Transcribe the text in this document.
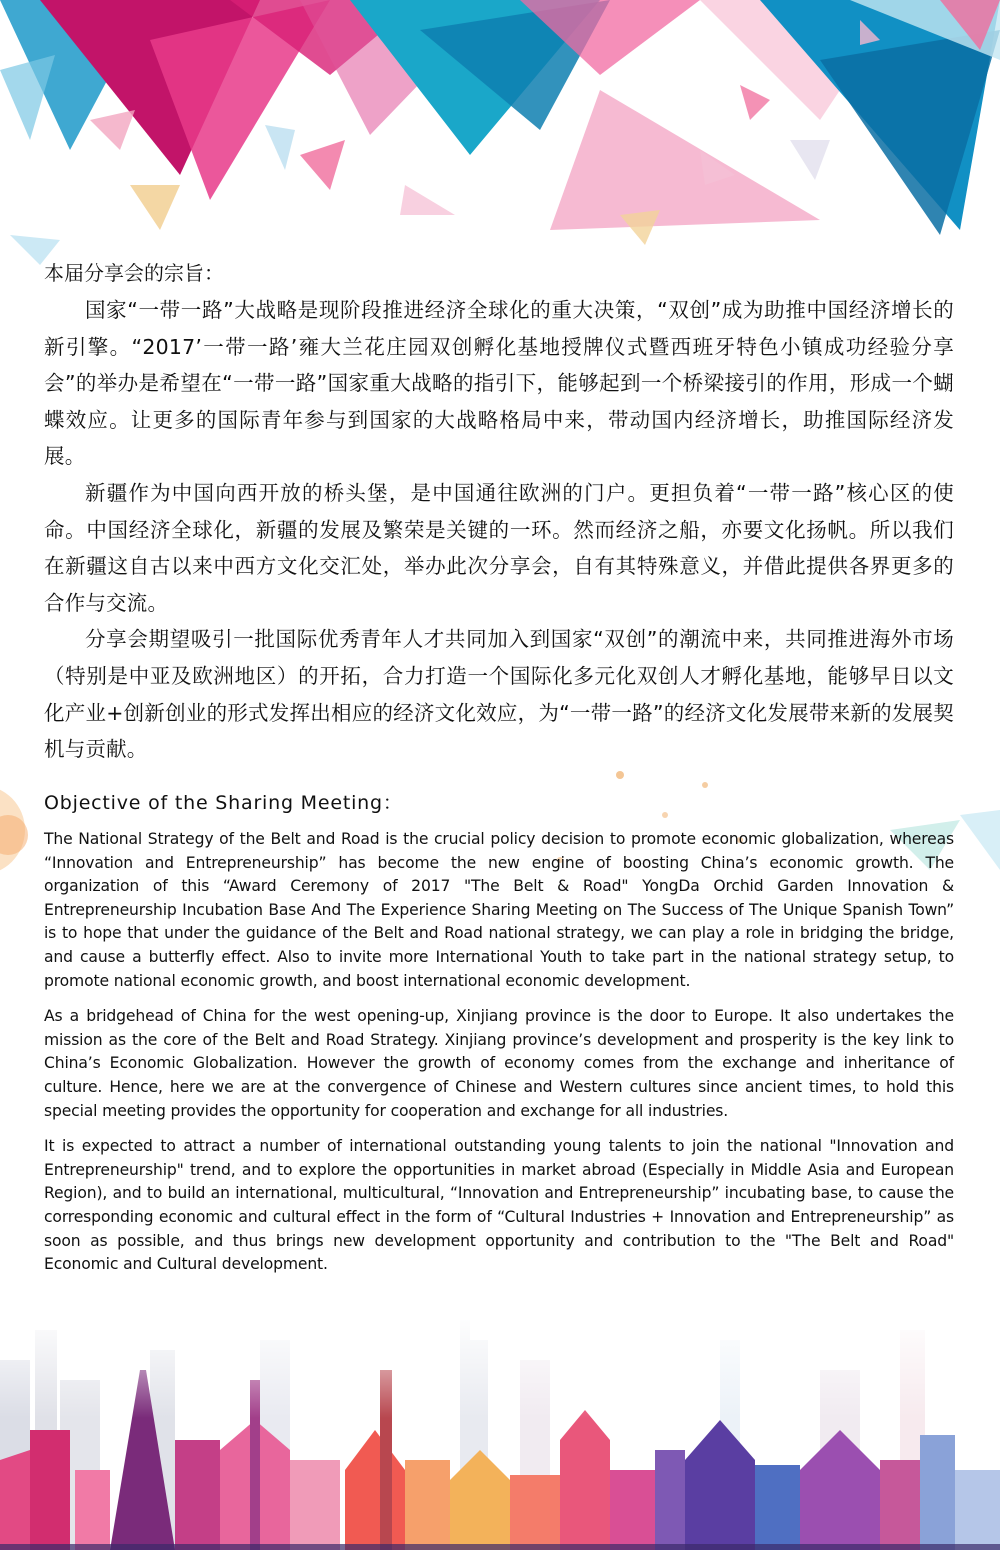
本届分享会的宗旨：

国家“一带一路”大战略是现阶段推进经济全球化的重大决策，“双创”成为助推中国经济增长的新引擎。“2017’一带一路’雍大兰花庄园双创孵化基地授牌仪式暨西班牙特色小镇成功经验分享会”的举办是希望在“一带一路”国家重大战略的指引下，能够起到一个桥梁接引的作用，形成一个蝴蝶效应。让更多的国际青年参与到国家的大战略格局中来，带动国内经济增长，助推国际经济发展。

新疆作为中国向西开放的桥头堡，是中国通往欧洲的门户。更担负着“一带一路”核心区的使命。中国经济全球化，新疆的发展及繁荣是关键的一环。然而经济之船，亦要文化扬帆。所以我们在新疆这自古以来中西方文化交汇处，举办此次分享会，自有其特殊意义，并借此提供各界更多的合作与交流。

分享会期望吸引一批国际优秀青年人才共同加入到国家“双创”的潮流中来，共同推进海外市场（特别是中亚及欧洲地区）的开拓，合力打造一个国际化多元化双创人才孵化基地，能够早日以文化产业+创新创业的形式发挥出相应的经济文化效应，为“一带一路”的经济文化发展带来新的发展契机与贡献。

Objective of the Sharing Meeting：

The National Strategy of the Belt and Road is the crucial policy decision to promote economic globalization, whereas “Innovation and Entrepreneurship” has become the new engine of boosting China’s economic growth. The organization of this “Award Ceremony of 2017 "The Belt & Road" YongDa Orchid Garden Innovation & Entrepreneurship Incubation Base And The Experience Sharing Meeting on The Success of The Unique Spanish Town” is to hope that under the guidance of the Belt and Road national strategy, we can play a role in bridging the bridge, and cause a butterfly effect. Also to invite more International Youth to take part in the national strategy setup, to promote national economic growth, and boost international economic development.

As a bridgehead of China for the west opening-up, Xinjiang province is the door to Europe. It also undertakes the mission as the core of the Belt and Road Strategy. Xinjiang province’s development and prosperity is the key link to China’s Economic Globalization. However the growth of economy comes from the exchange and inheritance of culture. Hence, here we are at the convergence of Chinese and Western cultures since ancient times, to hold this special meeting provides the opportunity for cooperation and exchange for all industries.

It is expected to attract a number of international outstanding young talents to join the national "Innovation and Entrepreneurship" trend, and to explore the opportunities in market abroad (Especially in Middle Asia and European Region), and to build an international, multicultural, “Innovation and Entrepreneurship” incubating base, to cause the corresponding economic and cultural effect in the form of “Cultural Industries + Innovation and Entrepreneurship” as soon as possible, and thus brings new development opportunity and contribution to the "The Belt and Road" Economic and Cultural development.
